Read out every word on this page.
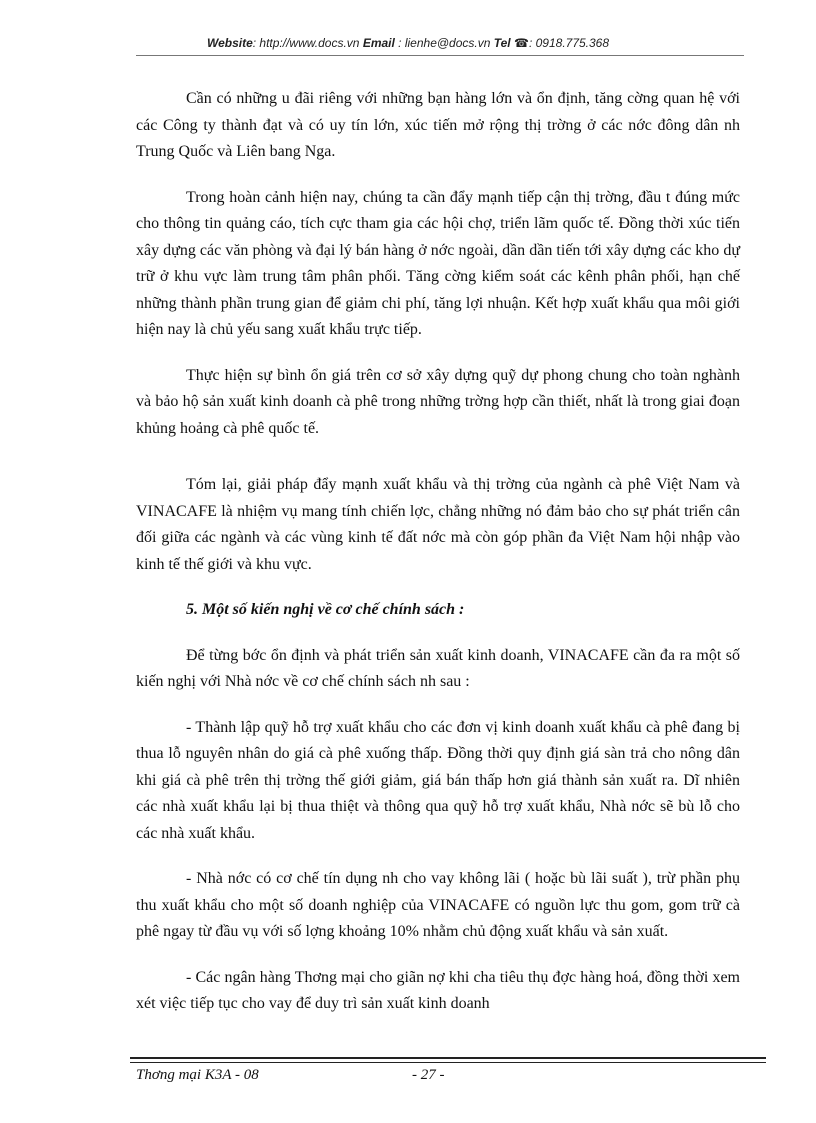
Website: http://www.docs.vn Email : lienhe@docs.vn Tel ☎: 0918.775.368

Cần có những u đãi riêng với những bạn hàng lớn và ổn định, tăng cờng quan hệ với các Công ty thành đạt và có uy tín lớn, xúc tiến mở rộng thị trờng ở các nớc đông dân nh Trung Quốc và Liên bang Nga.

Trong hoàn cảnh hiện nay, chúng ta cần đẩy mạnh tiếp cận thị trờng, đầu t đúng mức cho thông tin quảng cáo, tích cực tham gia các hội chợ, triển lãm quốc tế. Đồng thời xúc tiến xây dựng các văn phòng và đại lý bán hàng ở nớc ngoài, dần dần tiến tới xây dựng các kho dự trữ ở khu vực làm trung tâm phân phối. Tăng cờng kiểm soát các kênh phân phối, hạn chế những thành phần trung gian để giảm chi phí, tăng lợi nhuận. Kết hợp xuất khẩu qua môi giới hiện nay là chủ yếu sang xuất khẩu trực tiếp.

Thực hiện sự bình ổn giá trên cơ sở xây dựng quỹ dự phong chung cho toàn nghành và bảo hộ sản xuất kinh doanh cà phê trong những trờng hợp cần thiết, nhất là trong giai đoạn khủng hoảng cà phê quốc tế.

Tóm lại, giải pháp đẩy mạnh xuất khẩu và thị trờng của ngành cà phê Việt Nam và VINACAFE là nhiệm vụ mang tính chiến lợc, chẳng những nó đảm bảo cho sự phát triển cân đối giữa các ngành và các vùng kinh tế đất nớc mà còn góp phần đa Việt Nam hội nhập vào kinh tế thế giới và khu vực.

5. Một số kiến nghị về cơ chế chính sách :

Để từng bớc ổn định và phát triển sản xuất kinh doanh, VINACAFE cần đa ra một số kiến nghị với Nhà nớc về cơ chế chính sách nh sau :

- Thành lập quỹ hỗ trợ xuất khẩu cho các đơn vị kinh doanh xuất khẩu cà phê đang bị thua lỗ nguyên nhân do giá cà phê xuống thấp. Đồng thời quy định giá sàn trả cho nông dân khi giá cà phê trên thị trờng thế giới giảm, giá bán thấp hơn giá thành sản xuất ra. Dĩ nhiên các nhà xuất khẩu lại bị thua thiệt và thông qua quỹ hỗ trợ xuất khẩu, Nhà nớc sẽ bù lỗ cho các nhà xuất khẩu.

- Nhà nớc có cơ chế tín dụng nh cho vay không lãi ( hoặc bù lãi suất ), trừ phần phụ thu xuất khẩu cho một số doanh nghiệp của VINACAFE có nguồn lực thu gom, gom trữ cà phê ngay từ đầu vụ với số lợng khoảng 10% nhằm chủ động xuất khẩu và sản xuất.

- Các ngân hàng Thơng mại cho giãn nợ khi cha tiêu thụ đợc hàng hoá, đồng thời xem xét việc tiếp tục cho vay để duy trì sản xuất kinh doanh

Thơng mại K3A - 08	- 27 -
